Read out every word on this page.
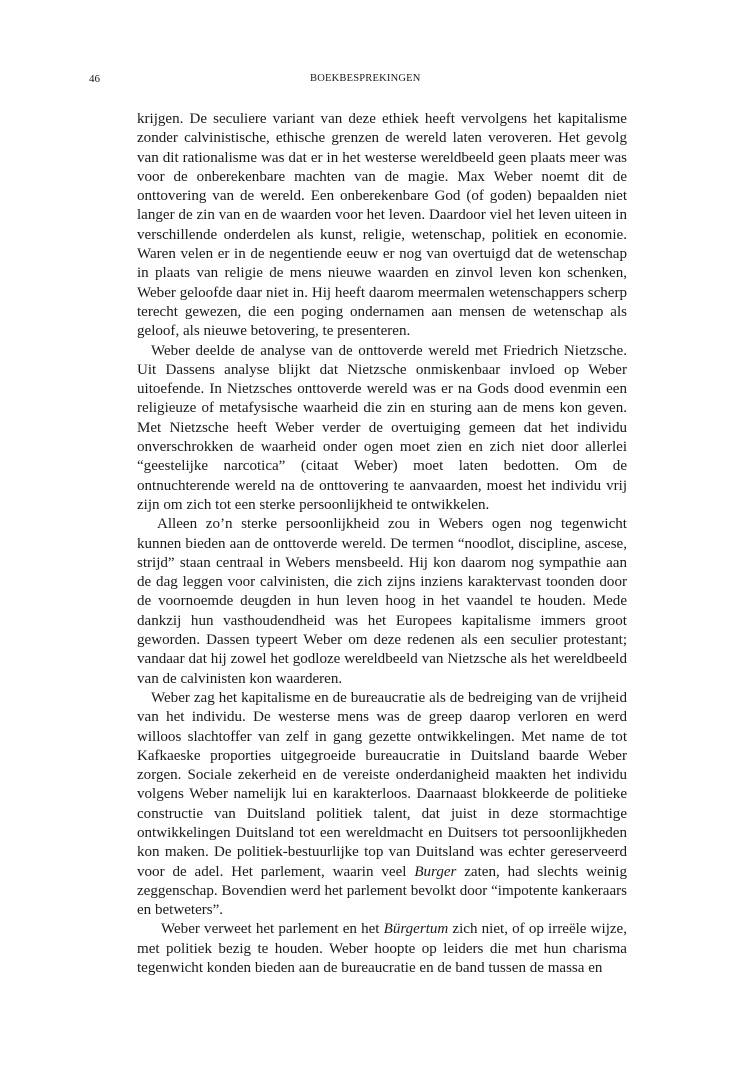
46	BOEKBESPREKINGEN

krijgen. De seculiere variant van deze ethiek heeft vervolgens het kapitalisme zonder calvinistische, ethische grenzen de wereld laten veroveren. Het gevolg van dit rationalisme was dat er in het westerse wereldbeeld geen plaats meer was voor de onberekenbare machten van de magie. Max Weber noemt dit de onttovering van de wereld. Een onberekenbare God (of goden) bepaalden niet langer de zin van en de waarden voor het leven. Daardoor viel het leven uiteen in verschillende onderdelen als kunst, religie, wetenschap, politiek en economie. Waren velen er in de negentiende eeuw er nog van overtuigd dat de wetenschap in plaats van religie de mens nieuwe waarden en zinvol leven kon schenken, Weber geloofde daar niet in. Hij heeft daarom meermalen wetenschappers scherp terecht gewezen, die een poging ondernamen aan mensen de wetenschap als geloof, als nieuwe betovering, te presenteren.

Weber deelde de analyse van de onttoverde wereld met Friedrich Nietzsche. Uit Dassens analyse blijkt dat Nietzsche onmiskenbaar invloed op Weber uitoefende. In Nietzsches onttoverde wereld was er na Gods dood evenmin een religieuze of metafysische waarheid die zin en sturing aan de mens kon geven. Met Nietzsche heeft Weber verder de overtuiging gemeen dat het individu onverschrokken de waarheid onder ogen moet zien en zich niet door allerlei “geestelijke narcotica” (citaat Weber) moet laten bedotten. Om de ontnuchterende wereld na de onttovering te aanvaarden, moest het individu vrij zijn om zich tot een sterke persoonlijkheid te ontwikkelen.

Alleen zo’n sterke persoonlijkheid zou in Webers ogen nog tegenwicht kunnen bieden aan de onttoverde wereld. De termen “noodlot, discipline, ascese, strijd” staan centraal in Webers mensbeeld. Hij kon daarom nog sympathie aan de dag leggen voor calvinisten, die zich zijns inziens karaktervast toonden door de voornoemde deugden in hun leven hoog in het vaandel te houden. Mede dankzij hun vasthoudendheid was het Europees kapitalisme immers groot geworden. Dassen typeert Weber om deze redenen als een seculier protestant; vandaar dat hij zowel het godloze wereldbeeld van Nietzsche als het wereldbeeld van de calvinisten kon waarderen.

Weber zag het kapitalisme en de bureaucratie als de bedreiging van de vrijheid van het individu. De westerse mens was de greep daarop verloren en werd willoos slachtoffer van zelf in gang gezette ontwikkelingen. Met name de tot Kafkaeske proporties uitgegroeide bureaucratie in Duitsland baarde Weber zorgen. Sociale zekerheid en de vereiste onderdanigheid maakten het individu volgens Weber namelijk lui en karakterloos. Daarnaast blokkeerde de politieke constructie van Duitsland politiek talent, dat juist in deze stormachtige ontwikkelingen Duitsland tot een wereldmacht en Duitsers tot persoonlijkheden kon maken. De politiek-bestuurlijke top van Duitsland was echter gereserveerd voor de adel. Het parlement, waarin veel Burger zaten, had slechts weinig zeggenschap. Bovendien werd het parlement bevolkt door “impotente kankeraars en betweters”.

Weber verweet het parlement en het Bürgertum zich niet, of op irreële wijze, met politiek bezig te houden. Weber hoopte op leiders die met hun charisma tegenwicht konden bieden aan de bureaucratie en de band tussen de massa en
